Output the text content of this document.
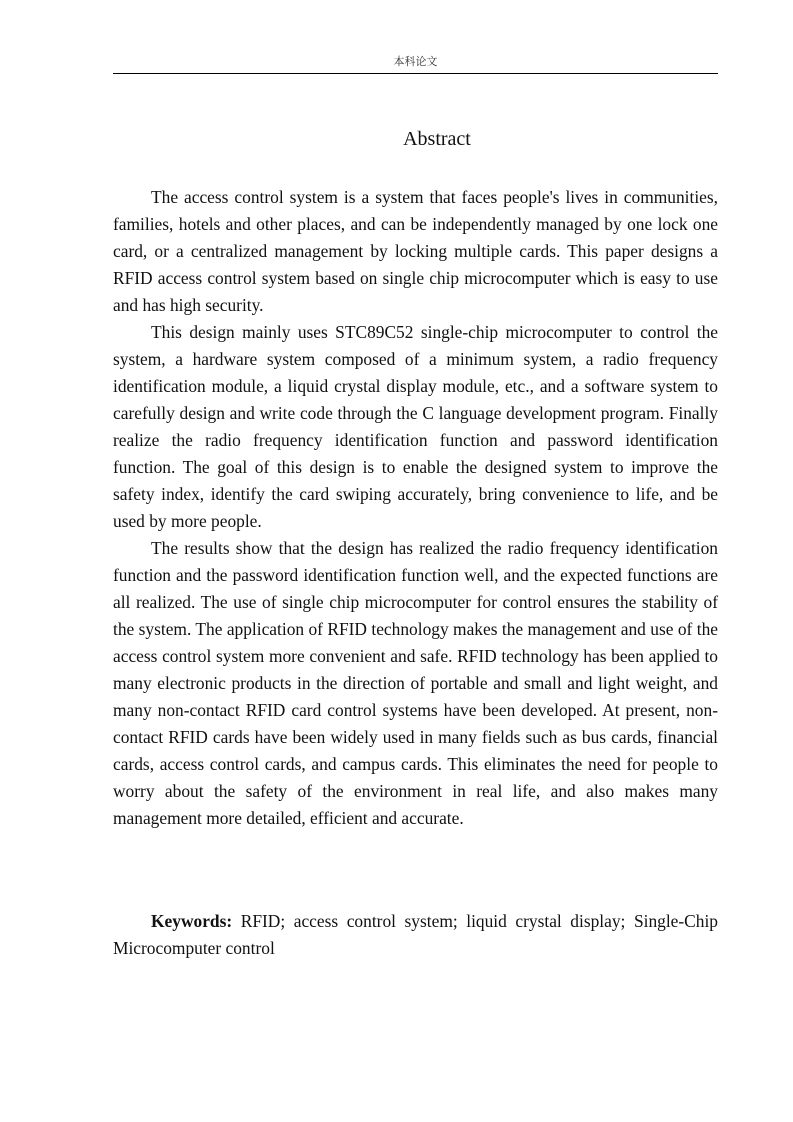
本科论文
Abstract

The access control system is a system that faces people's lives in communities, families, hotels and other places, and can be independently managed by one lock one card, or a centralized management by locking multiple cards. This paper designs a RFID access control system based on single chip microcomputer which is easy to use and has high security.

This design mainly uses STC89C52 single-chip microcomputer to control the system, a hardware system composed of a minimum system, a radio frequency identification module, a liquid crystal display module, etc., and a software system to carefully design and write code through the C language development program. Finally realize the radio frequency identification function and password identification function. The goal of this design is to enable the designed system to improve the safety index, identify the card swiping accurately, bring convenience to life, and be used by more people.

The results show that the design has realized the radio frequency identification function and the password identification function well, and the expected functions are all realized. The use of single chip microcomputer for control ensures the stability of the system. The application of RFID technology makes the management and use of the access control system more convenient and safe. RFID technology has been applied to many electronic products in the direction of portable and small and light weight, and many non-contact RFID card control systems have been developed. At present, non-contact RFID cards have been widely used in many fields such as bus cards, financial cards, access control cards, and campus cards. This eliminates the need for people to worry about the safety of the environment in real life, and also makes many management more detailed, efficient and accurate.

Keywords: RFID; access control system; liquid crystal display; Single-Chip Microcomputer control
